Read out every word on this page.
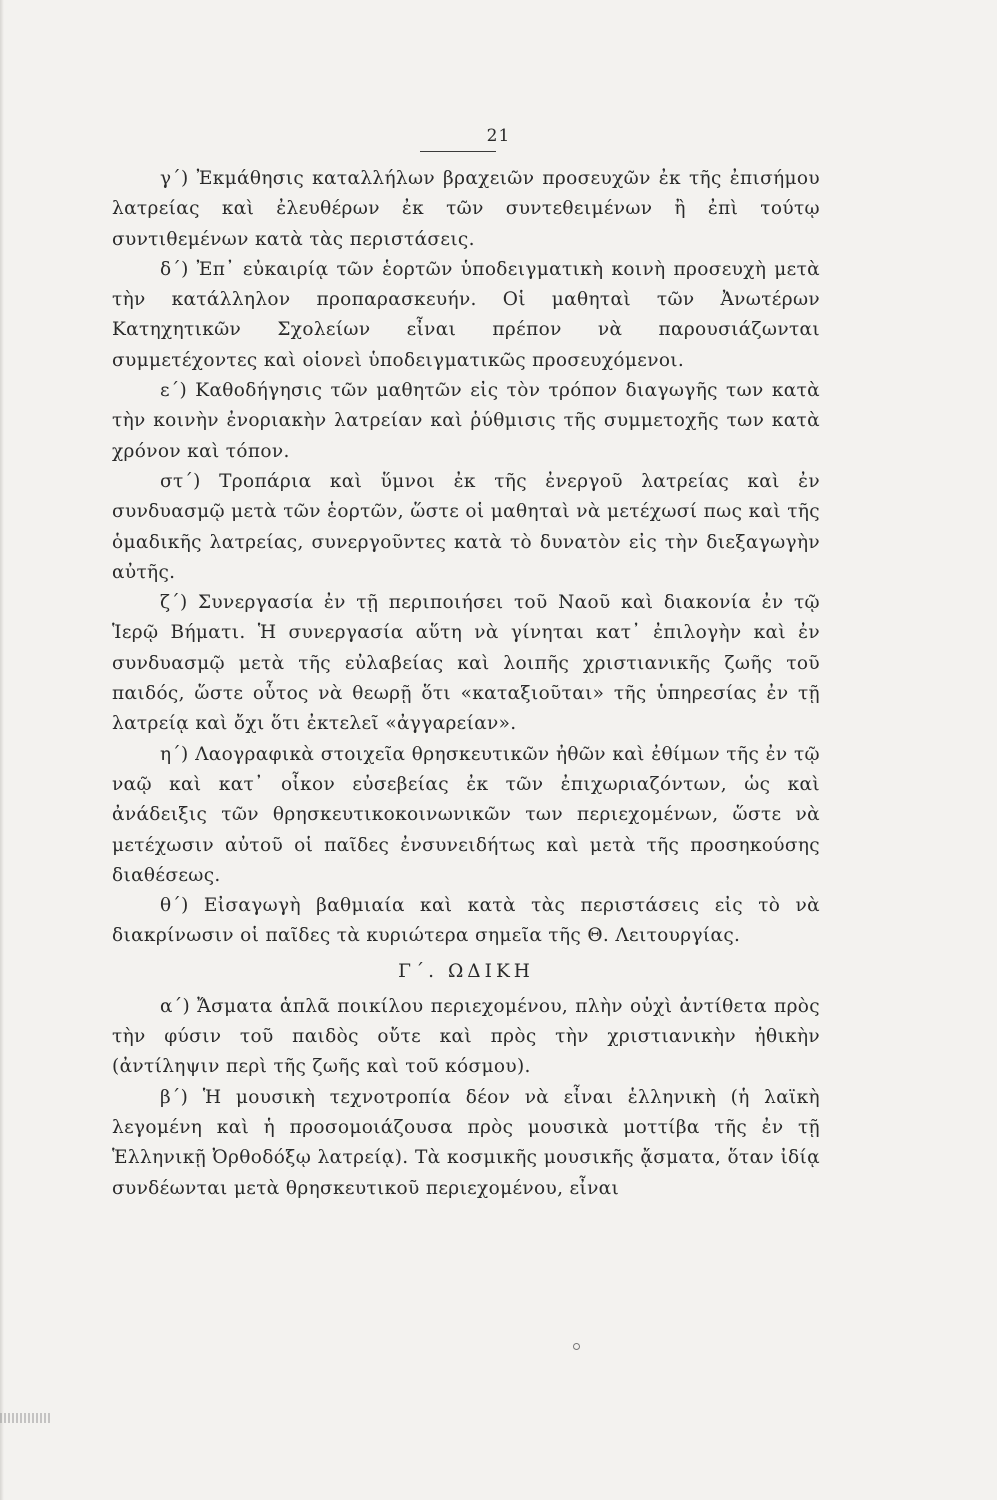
21

γ΄) Ἐκμάθησις καταλλήλων βραχειῶν προσευχῶν ἐκ τῆς ἐπισήμου λατρείας καὶ ἐλευθέρων ἐκ τῶν συντεθειμένων ἢ ἐπὶ τούτῳ συντιθεμένων κατὰ τὰς περιστάσεις.

δ΄) Ἐπ᾽ εὐκαιρίᾳ τῶν ἑορτῶν ὑποδειγματικὴ κοινὴ προσευχὴ μετὰ τὴν κατάλληλον προπαρασκευήν. Οἱ μαθηταὶ τῶν Ἀνωτέρων Κατηχητικῶν Σχολείων εἶναι πρέπον νὰ παρουσιάζωνται συμμετέχοντες καὶ οἱονεὶ ὑποδειγματικῶς προσευχόμενοι.

ε΄) Καθοδήγησις τῶν μαθητῶν εἰς τὸν τρόπον διαγωγῆς των κατὰ τὴν κοινὴν ἐνοριακὴν λατρείαν καὶ ῥύθμισις τῆς συμμετοχῆς των κατὰ χρόνον καὶ τόπον.

στ΄) Τροπάρια καὶ ὕμνοι ἐκ τῆς ἐνεργοῦ λατρείας καὶ ἐν συνδυασμῷ μετὰ τῶν ἑορτῶν, ὥστε οἱ μαθηταὶ νὰ μετέχωσί πως καὶ τῆς ὁμαδικῆς λατρείας, συνεργοῦντες κατὰ τὸ δυνατὸν εἰς τὴν διεξαγωγὴν αὐτῆς.

ζ΄) Συνεργασία ἐν τῇ περιποιήσει τοῦ Ναοῦ καὶ διακονία ἐν τῷ Ἱερῷ Βήματι. Ἡ συνεργασία αὕτη νὰ γίνηται κατ᾽ ἐπιλογὴν καὶ ἐν συνδυασμῷ μετὰ τῆς εὐλαβείας καὶ λοιπῆς χριστιανικῆς ζωῆς τοῦ παιδός, ὥστε οὗτος νὰ θεωρῇ ὅτι «καταξιοῦται» τῆς ὑπηρεσίας ἐν τῇ λατρείᾳ καὶ ὄχι ὅτι ἐκτελεῖ «ἀγγαρείαν».

η΄) Λαογραφικὰ στοιχεῖα θρησκευτικῶν ἠθῶν καὶ ἐθίμων τῆς ἐν τῷ ναῷ καὶ κατ᾽ οἶκον εὐσεβείας ἐκ τῶν ἐπιχωριαζόντων, ὡς καὶ ἀνάδειξις τῶν θρησκευτικοκοινωνικῶν των περιεχομένων, ὥστε νὰ μετέχωσιν αὐτοῦ οἱ παῖδες ἐνσυνειδήτως καὶ μετὰ τῆς προσηκούσης διαθέσεως.

θ΄) Εἰσαγωγὴ βαθμιαία καὶ κατὰ τὰς περιστάσεις εἰς τὸ νὰ διακρίνωσιν οἱ παῖδες τὰ κυριώτερα σημεῖα τῆς Θ. Λειτουργίας.

Γ΄. ΩΔΙΚΗ

α΄) Ἄσματα ἁπλᾶ ποικίλου περιεχομένου, πλὴν οὐχὶ ἀντίθετα πρὸς τὴν φύσιν τοῦ παιδὸς οὔτε καὶ πρὸς τὴν χριστιανικὴν ἠθικὴν (ἀντίληψιν περὶ τῆς ζωῆς καὶ τοῦ κόσμου).

β΄) Ἡ μουσικὴ τεχνοτροπία δέον νὰ εἶναι ἑλληνικὴ (ἡ λαϊκὴ λεγομένη καὶ ἡ προσομοιάζουσα πρὸς μουσικὰ μοττίβα τῆς ἐν τῇ Ἑλληνικῇ Ὀρθοδόξῳ λατρείᾳ). Τὰ κοσμικῆς μουσικῆς ᾄσματα, ὅταν ἰδίᾳ συνδέωνται μετὰ θρησκευτικοῦ περιεχομένου, εἶναι
